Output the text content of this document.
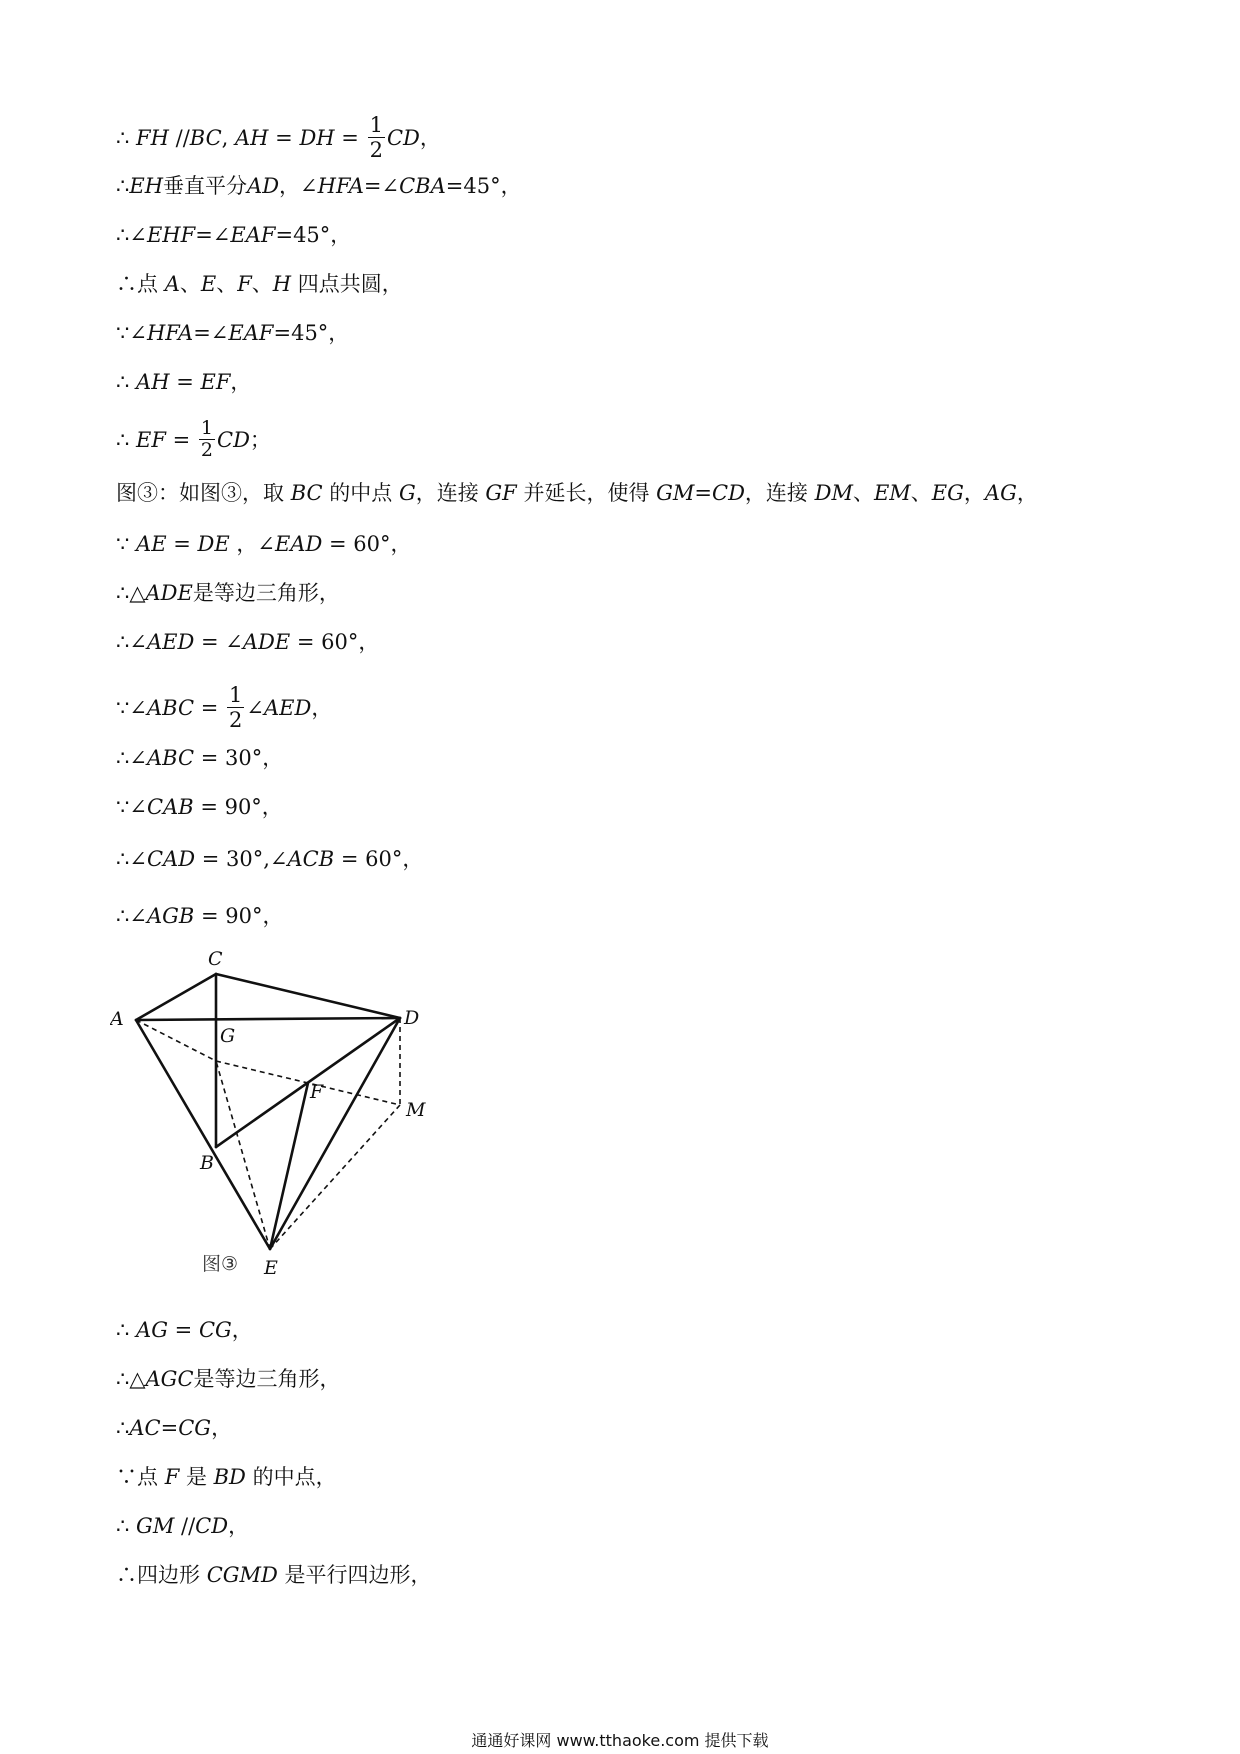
∴ FH //BC, AH = DH = $\frac{1}{2}$ CD，
∴EH垂直平分AD，∠HFA=∠CBA=45°，
∴∠EHF=∠EAF=45°，
∴点 A、E、F、H 四点共圆，
∵∠HFA=∠EAF=45°，
∴ AH = EF，
∴ EF = $\frac{1}{2}$ CD；
图③：如图③，取 BC 的中点 G，连接 GF 并延长，使得 GM=CD，连接 DM、EM、EG，AG，
∵ AE = DE ，∠EAD = 60°，
∴△ADE是等边三角形，
∴∠AED = ∠ADE = 60°，
∵∠ABC = $\frac{1}{2}$ ∠AED，
∴∠ABC = 30°，
∵∠CAB = 90°，
∴∠CAD = 30°,∠ACB = 60°，
∴∠AGB = 90°，
C
A
G
D
F
M
B
E
图③
∴ AG = CG，
∴△AGC是等边三角形，
∴AC=CG，
∵点 F 是 BD 的中点，
∴ GM //CD，
∴四边形 CGMD 是平行四边形，
通通好课网 www.tthaoke.com 提供下载
